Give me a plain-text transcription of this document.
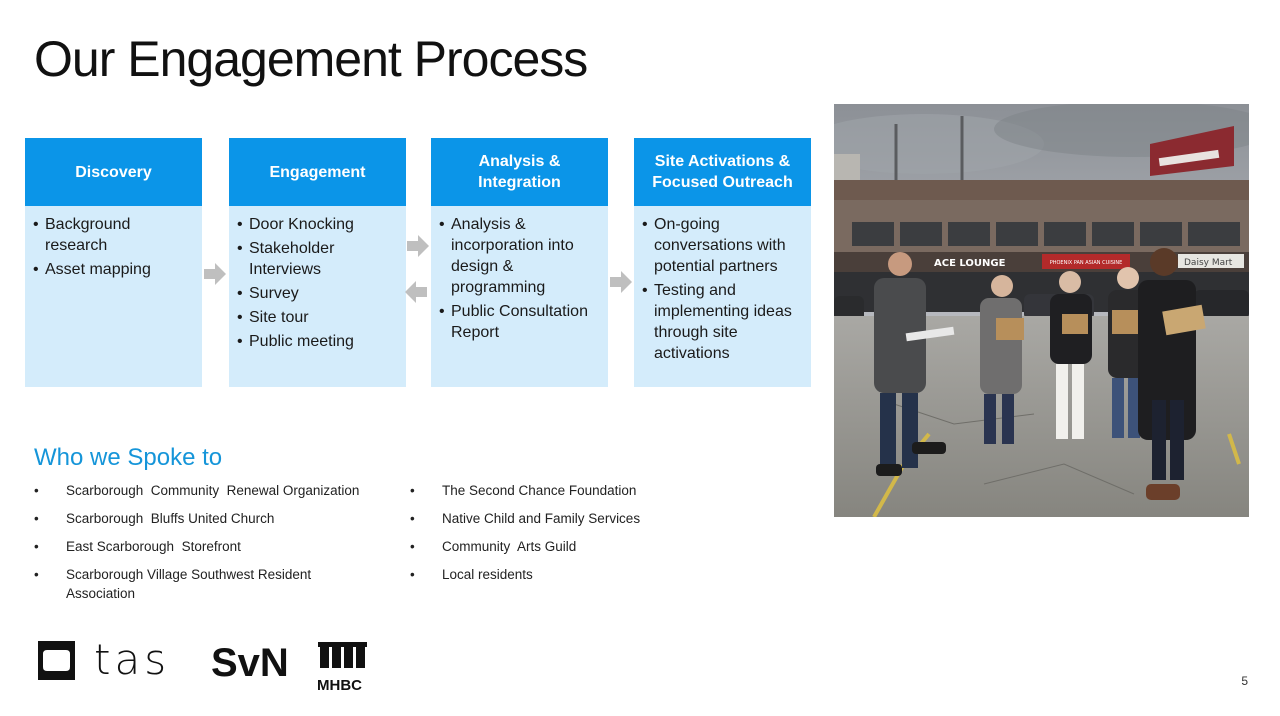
Our Engagement Process
Discovery
• Background research
• Asset mapping
Engagement
• Door Knocking
• Stakeholder Interviews
• Survey
• Site tour
• Public meeting
Analysis &
Integration
• Analysis & incorporation into design & programming
• Public Consultation Report
Site Activations &
Focused Outreach
• On-going conversations with potential partners
• Testing and implementing ideas through site activations
Who we Spoke to
• Scarborough  Community  Renewal Organization
• Scarborough  Bluffs United Church
• East Scarborough  Storefront
• Scarborough Village Southwest Resident Association
• The Second Chance Foundation
• Native Child and Family Services
• Community  Arts Guild
• Local residents
ACE LOUNGE	PHOENIX PAN ASIAN CUISINE	Daisy Mart
tas SvN
MHBC	5
